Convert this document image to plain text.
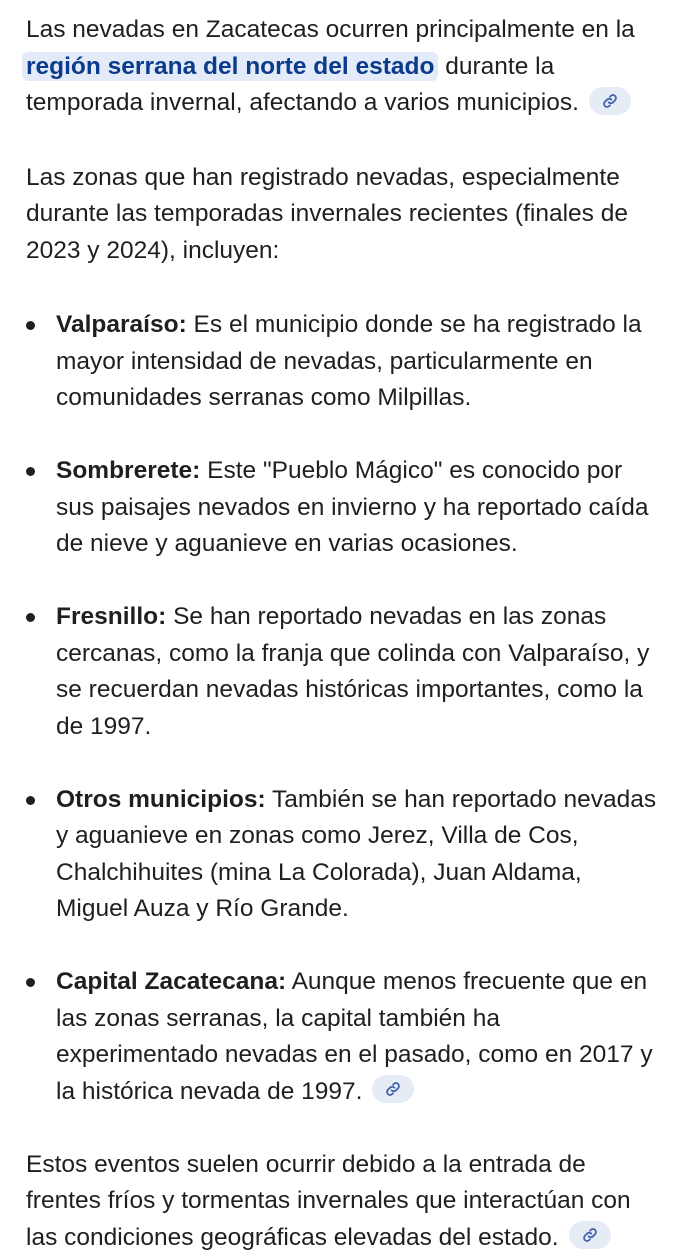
Las nevadas en Zacatecas ocurren principalmente en la región serrana del norte del estado durante la temporada invernal, afectando a varios municipios.

Las zonas que han registrado nevadas, especialmente durante las temporadas invernales recientes (finales de 2023 y 2024), incluyen:

Valparaíso: Es el municipio donde se ha registrado la mayor intensidad de nevadas, particularmente en comunidades serranas como Milpillas.
Sombrerete: Este "Pueblo Mágico" es conocido por sus paisajes nevados en invierno y ha reportado caída de nieve y aguanieve en varias ocasiones.
Fresnillo: Se han reportado nevadas en las zonas cercanas, como la franja que colinda con Valparaíso, y se recuerdan nevadas históricas importantes, como la de 1997.
Otros municipios: También se han reportado nevadas y aguanieve en zonas como Jerez, Villa de Cos, Chalchihuites (mina La Colorada), Juan Aldama, Miguel Auza y Río Grande.
Capital Zacatecana: Aunque menos frecuente que en las zonas serranas, la capital también ha experimentado nevadas en el pasado, como en 2017 y la histórica nevada de 1997.

Estos eventos suelen ocurrir debido a la entrada de frentes fríos y tormentas invernales que interactúan con las condiciones geográficas elevadas del estado.
